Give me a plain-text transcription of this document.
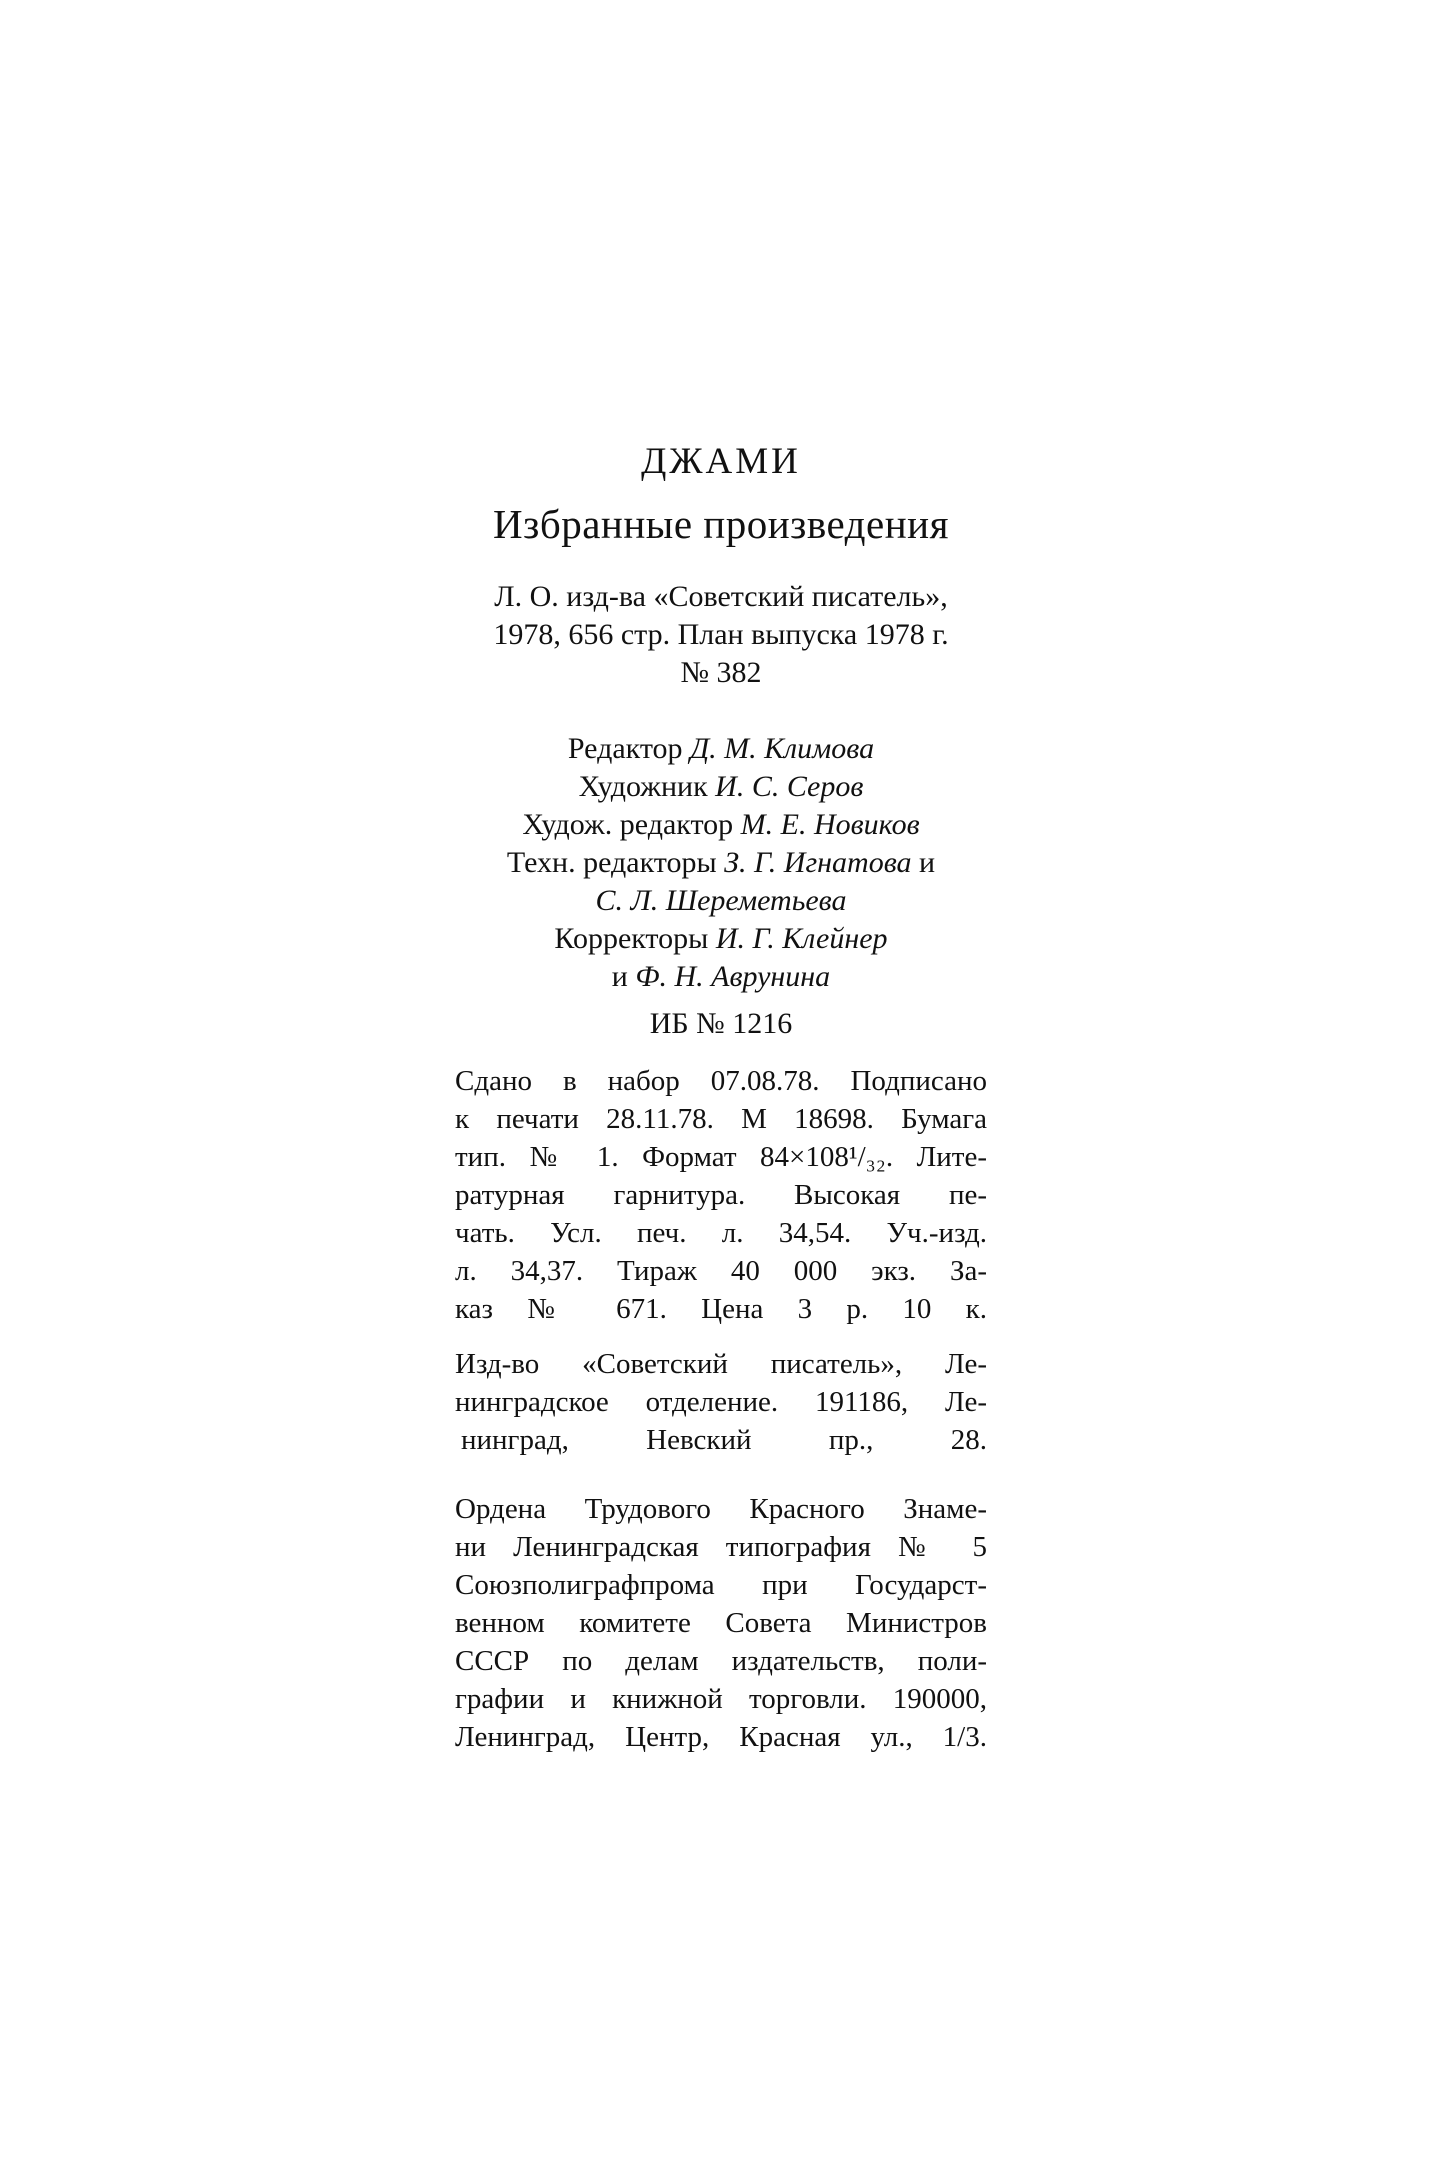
ДЖАМИ
Избранные произведения
Л. О. изд-ва «Советский писатель»,
1978, 656 стр. План выпуска 1978 г.
№ 382
Редактор Д. М. Климова
Художник И. С. Серов
Худож. редактор М. Е. Новиков
Техн. редакторы З. Г. Игнатова и
С. Л. Шереметьева
Корректоры И. Г. Клейнер
и Ф. Н. Аврунина
ИБ № 1216
Сдано в набор 07.08.78. Подписано
к печати 28.11.78. М 18698. Бумага
тип. № 1. Формат 84×108¹/₃₂. Лите-
ратурная гарнитура. Высокая пе-
чать. Усл. печ. л. 34,54. Уч.-изд.
л. 34,37. Тираж 40 000 экз. За-
каз № 671. Цена 3 р. 10 к.
Изд-во «Советский писатель», Ле-
нинградское отделение. 191186, Ле-
нинград, Невский пр., 28.
Ордена Трудового Красного Знаме-
ни Ленинградская типография № 5
Союзполиграфпрома при Государст-
венном комитете Совета Министров
СССР по делам издательств, поли-
графии и книжной торговли. 190000,
Ленинград, Центр, Красная ул., 1/3.
